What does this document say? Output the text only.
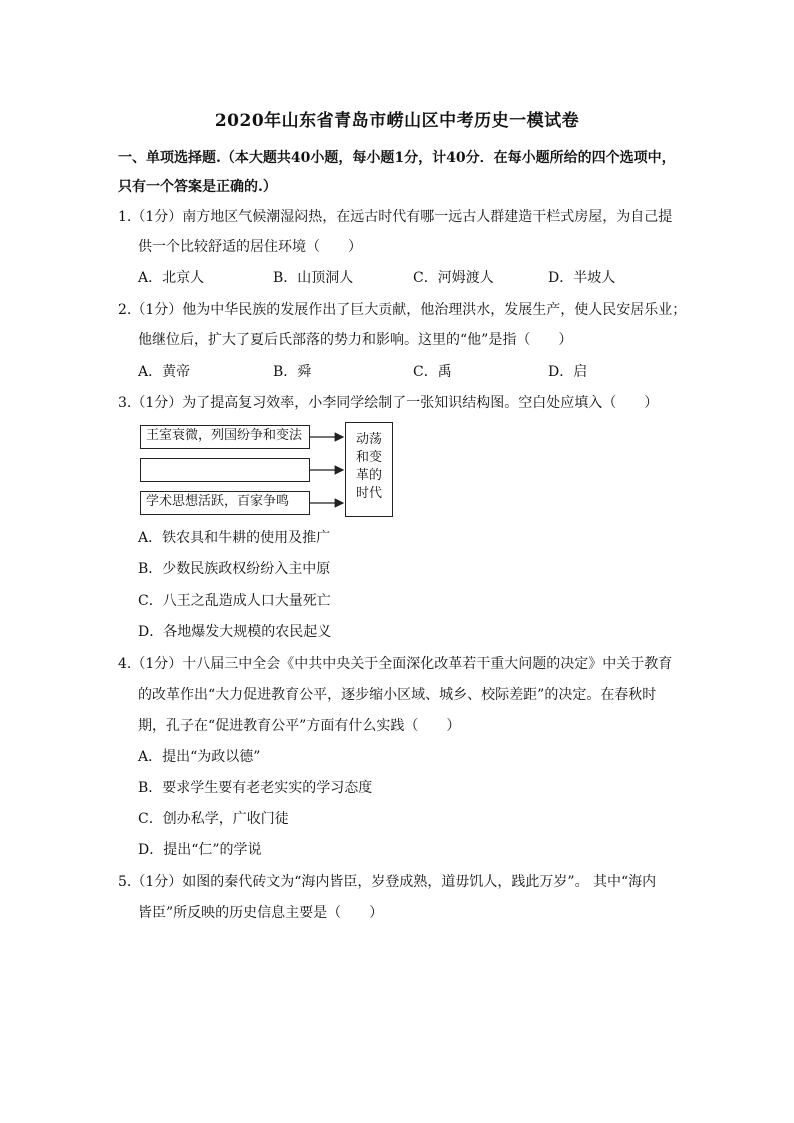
2020年山东省青岛市崂山区中考历史一模试卷
一、单项选择题.（本大题共40小题，每小题1分，计40分．在每小题所给的四个选项中，
只有一个答案是正确的.）
1.（1分）南方地区气候潮湿闷热，在远古时代有哪一远古人群建造干栏式房屋，为自己提
供一个比较舒适的居住环境（　　）
A．北京人	B．山顶洞人	C．河姆渡人	D．半坡人
2.（1分）他为中华民族的发展作出了巨大贡献，他治理洪水，发展生产，使人民安居乐业；
他继位后，扩大了夏后氏部落的势力和影响。这里的“他”是指（　　）
A．黄帝	B．舜	C．禹	D．启
3.（1分）为了提高复习效率，小李同学绘制了一张知识结构图。空白处应填入（　　）
王室衰微，列国纷争和变法
学术思想活跃，百家争鸣
动荡
和变
革的
时代
A．铁农具和牛耕的使用及推广
B．少数民族政权纷纷入主中原
C．八王之乱造成人口大量死亡
D．各地爆发大规模的农民起义
4.（1分）十八届三中全会《中共中央关于全面深化改革若干重大问题的决定》中关于教育
的改革作出“大力促进教育公平，逐步缩小区域、城乡、校际差距”的决定。在春秋时
期，孔子在“促进教育公平”方面有什么实践（　　）
A．提出“为政以德”
B．要求学生要有老老实实的学习态度
C．创办私学，广收门徒
D．提出“仁”的学说
5.（1分）如图的秦代砖文为“海内皆臣，岁登成熟，道毋饥人，践此万岁”。 其中“海内
皆臣”所反映的历史信息主要是（　　）
